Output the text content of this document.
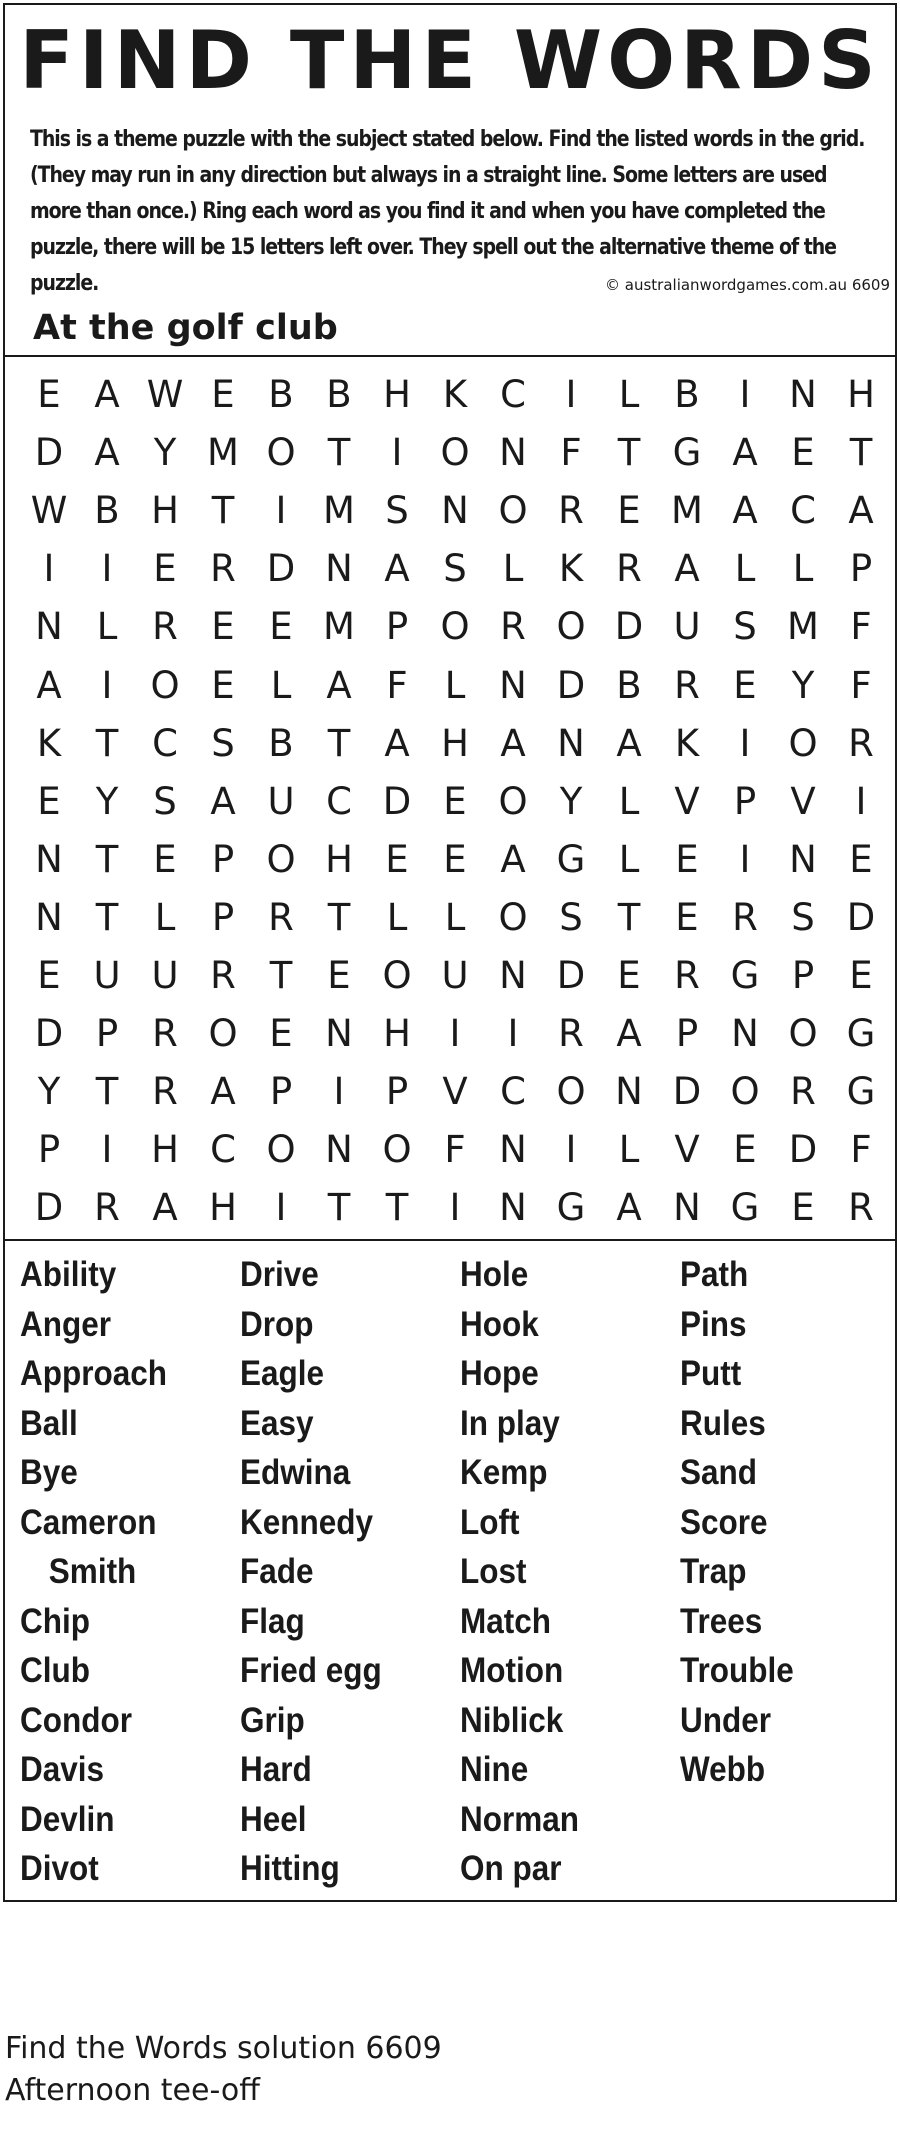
FIND THE WORDS
This is a theme puzzle with the subject stated below. Find the listed words in the grid. (They may run in any direction but always in a straight line. Some letters are used more than once.) Ring each word as you find it and when you have completed the puzzle, there will be 15 letters left over. They spell out the alternative theme of the puzzle.	© australianwordgames.com.au 6609
At the golf club
E A W E B B H K C	I	L B	I	N H
D A Y M O T	I	O N F T G A E T
W B H T	I M S N O R E M A C A
I	I	E R D N A S L K R A L	L P
N L R E E M P O R O D U S M F
A	I	O E L A F	L N D B R E Y F
K T C S B T A H A N A K	I	O R
E Y S A U C D E O Y L V P V	I
N T E P O H E E A G L E	I	N E
N T L P R T L	L O S T E R S D
E U U R T E O U N D E R G P E
D P R O E N H	I	I	R A P N O G
Y T R A P	I	P V C O N D O R G
P	I	H C O N O F N	I	L V E D F
D R A H	I	T T	I	N G A N G E R
Ability
Anger
Approach
Ball
Bye
Cameron
Smith
Chip
Club
Condor
Davis
Devlin
Divot
Drive
Drop
Eagle
Easy
Edwina
Kennedy
Fade
Flag
Fried egg
Grip
Hard
Heel
Hitting
Hole
Hook
Hope
In play
Kemp
Loft
Lost
Match
Motion
Niblick
Nine
Norman
On par
Path
Pins
Putt
Rules
Sand
Score
Trap
Trees
Trouble
Under
Webb
Find the Words solution 6609
Afternoon tee-off
